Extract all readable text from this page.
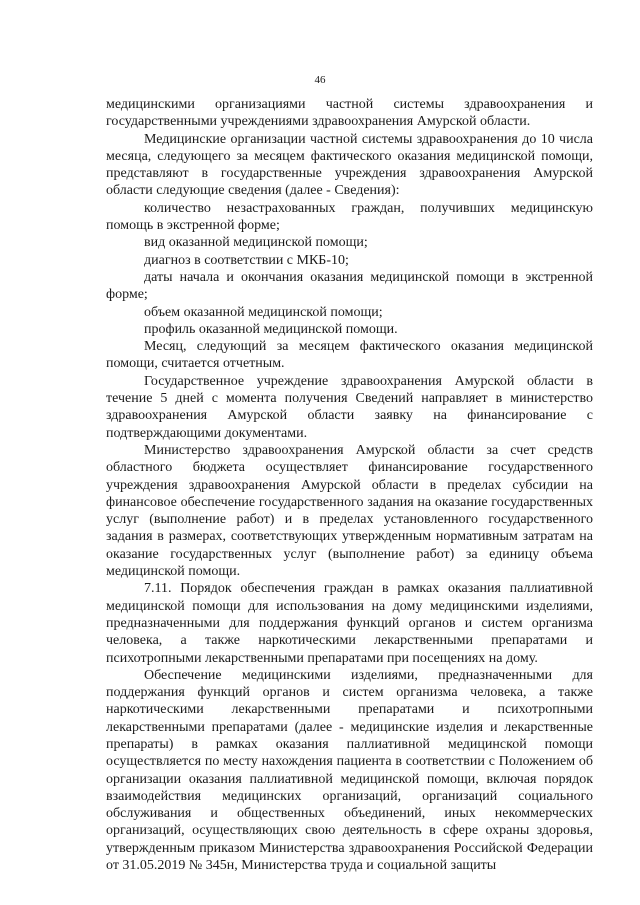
46

медицинскими организациями частной системы здравоохранения и государственными учреждениями здравоохранения Амурской области.

Медицинские организации частной системы здравоохранения до 10 числа месяца, следующего за месяцем фактического оказания медицинской помощи, представляют в государственные учреждения здравоохранения Амурской области следующие сведения (далее - Сведения):

количество незастрахованных граждан, получивших медицинскую помощь в экстренной форме;

вид оказанной медицинской помощи;

диагноз в соответствии с МКБ-10;

даты начала и окончания оказания медицинской помощи в экстренной форме;

объем оказанной медицинской помощи;

профиль оказанной медицинской помощи.

Месяц, следующий за месяцем фактического оказания медицинской помощи, считается отчетным.

Государственное учреждение здравоохранения Амурской области в течение 5 дней с момента получения Сведений направляет в министерство здравоохранения Амурской области заявку на финансирование с подтверждающими документами.

Министерство здравоохранения Амурской области за счет средств областного бюджета осуществляет финансирование государственного учреждения здравоохранения Амурской области в пределах субсидии на финансовое обеспечение государственного задания на оказание государственных услуг (выполнение работ) и в пределах установленного государственного задания в размерах, соответствующих утвержденным нормативным затратам на оказание государственных услуг (выполнение работ) за единицу объема медицинской помощи.

7.11. Порядок обеспечения граждан в рамках оказания паллиативной медицинской помощи для использования на дому медицинскими изделиями, предназначенными для поддержания функций органов и систем организма человека, а также наркотическими лекарственными препаратами и психотропными лекарственными препаратами при посещениях на дому.

Обеспечение медицинскими изделиями, предназначенными для поддержания функций органов и систем организма человека, а также наркотическими лекарственными препаратами и психотропными лекарственными препаратами (далее - медицинские изделия и лекарственные препараты) в рамках оказания паллиативной медицинской помощи осуществляется по месту нахождения пациента в соответствии с Положением об организации оказания паллиативной медицинской помощи, включая порядок взаимодействия медицинских организаций, организаций социального обслуживания и общественных объединений, иных некоммерческих организаций, осуществляющих свою деятельность в сфере охраны здоровья, утвержденным приказом Министерства здравоохранения Российской Федерации от 31.05.2019 № 345н, Министерства труда и социальной защиты
